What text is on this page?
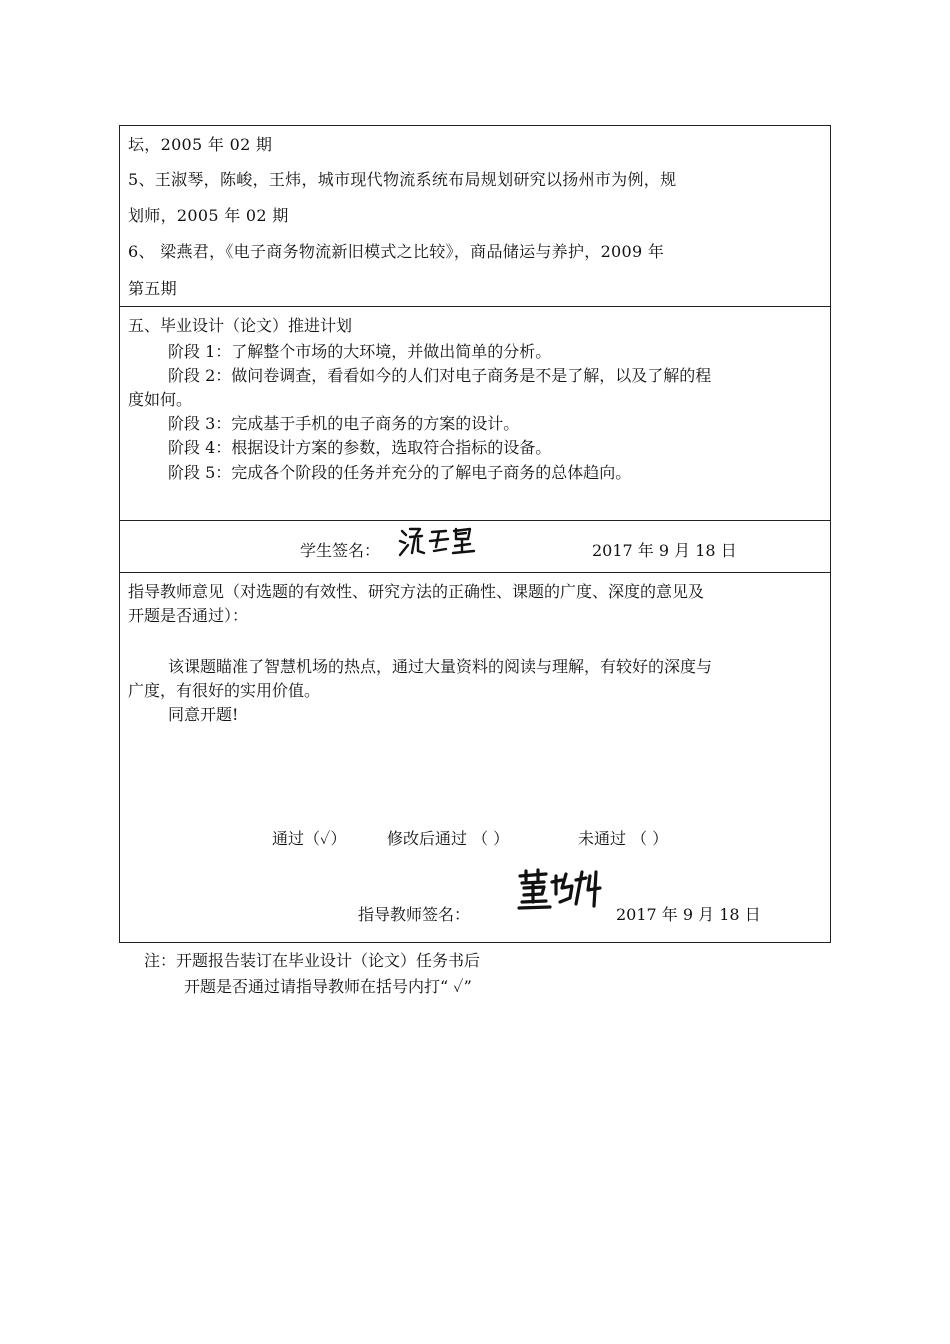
坛，2005 年 02 期
5、王淑琴，陈峻，王炜，城市现代物流系统布局规划研究以扬州市为例，规
划师，2005 年 02 期
6、 梁燕君，《电子商务物流新旧模式之比较》，商品储运与养护，2009 年
第五期
五、毕业设计（论文）推进计划
阶段 1：了解整个市场的大环境，并做出简单的分析。
阶段 2：做问卷调查，看看如今的人们对电子商务是不是了解，以及了解的程
度如何。
阶段 3：完成基于手机的电子商务的方案的设计。
阶段 4：根据设计方案的参数，选取符合指标的设备。
阶段 5：完成各个阶段的任务并充分的了解电子商务的总体趋向。
学生签名：	2017 年 9 月 18 日
指导教师意见（对选题的有效性、研究方法的正确性、课题的广度、深度的意见及
开题是否通过）：
该课题瞄准了智慧机场的热点，通过大量资料的阅读与理解，有较好的深度与
广度，有很好的实用价值。
同意开题!
通过（✓）	修改后通过 （ ）	未通过 （ ）
指导教师签名：	2017 年 9 月 18 日
注：开题报告装订在毕业设计（论文）任务书后
开题是否通过请指导教师在括号内打“ ✓”
